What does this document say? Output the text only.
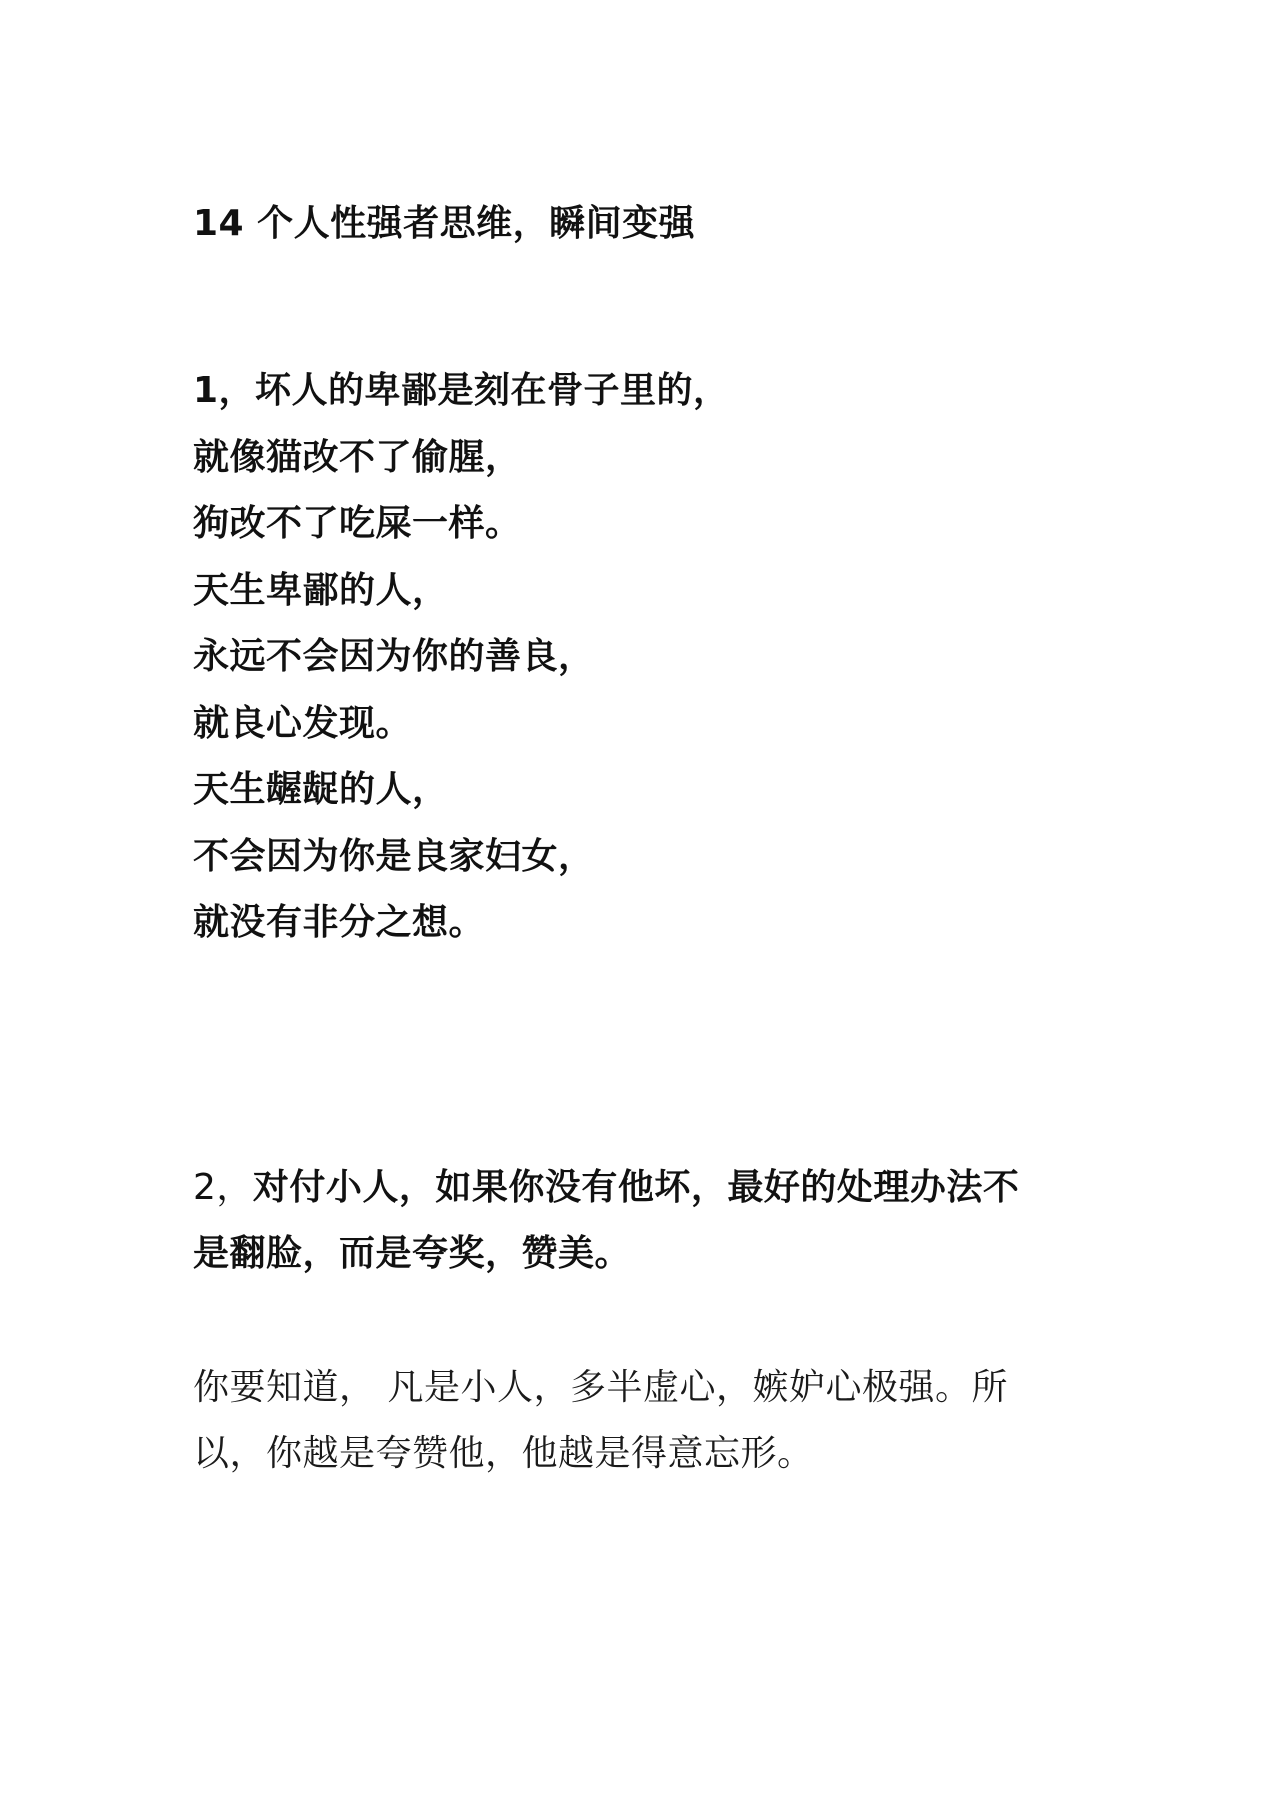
14 个人性强者思维，瞬间变强
1，坏人的卑鄙是刻在骨子里的，
就像猫改不了偷腥，
狗改不了吃屎一样。
天生卑鄙的人，
永远不会因为你的善良，
就良心发现。
天生龌龊的人，
不会因为你是良家妇女，
就没有非分之想。
2，对付小人，如果你没有他坏，最好的处理办法不
是翻脸，而是夸奖，赞美。
你要知道， 凡是小人，多半虚心，嫉妒心极强。所
以，你越是夸赞他，他越是得意忘形。
